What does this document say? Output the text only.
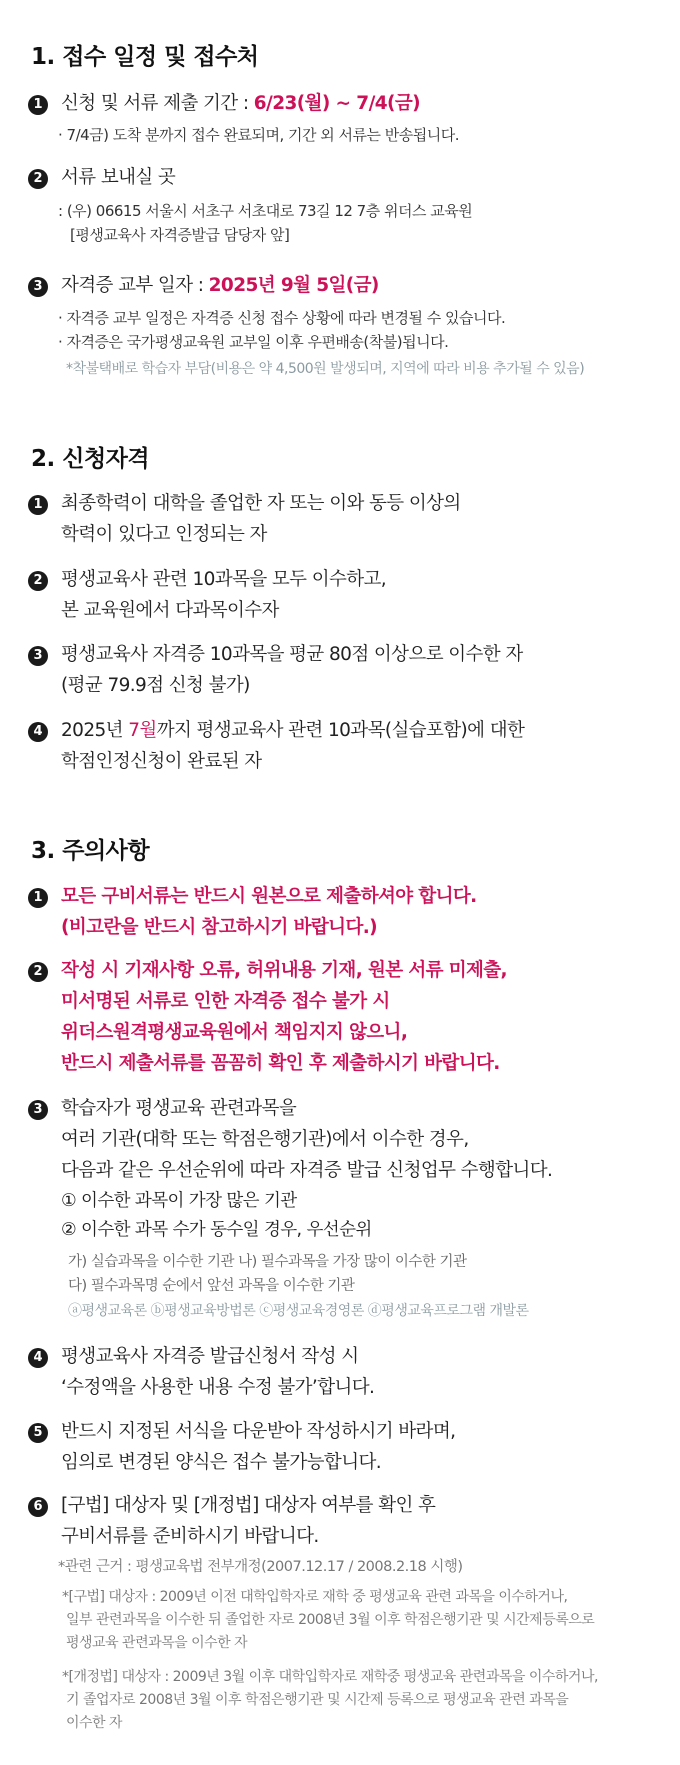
1. 접수 일정 및 접수처
1 신청 및 서류 제출 기간 : 6/23(월) ~ 7/4(금)
· 7/4금) 도착 분까지 접수 완료되며, 기간 외 서류는 반송됩니다.
2 서류 보내실 곳
: (우) 06615 서울시 서초구 서초대로 73길 12 7층 위더스 교육원
[평생교육사 자격증발급 담당자 앞]
3 자격증 교부 일자 : 2025년 9월 5일(금)
· 자격증 교부 일정은 자격증 신청 접수 상황에 따라 변경될 수 있습니다.
· 자격증은 국가평생교육원 교부일 이후 우편배송(착불)됩니다.
*착불택배로 학습자 부담(비용은 약 4,500원 발생되며, 지역에 따라 비용 추가될 수 있음)
2. 신청자격
1 최종학력이 대학을 졸업한 자 또는 이와 동등 이상의
학력이 있다고 인정되는 자
2 평생교육사 관련 10과목을 모두 이수하고,
본 교육원에서 다과목이수자
3 평생교육사 자격증 10과목을 평균 80점 이상으로 이수한 자
(평균 79.9점 신청 불가)
4 2025년 7월까지 평생교육사 관련 10과목(실습포함)에 대한
학점인정신청이 완료된 자
3. 주의사항
1 모든 구비서류는 반드시 원본으로 제출하셔야 합니다.
(비고란을 반드시 참고하시기 바랍니다.)
2 작성 시 기재사항 오류, 허위내용 기재, 원본 서류 미제출,
미서명된 서류로 인한 자격증 접수 불가 시
위더스원격평생교육원에서 책임지지 않으니,
반드시 제출서류를 꼼꼼히 확인 후 제출하시기 바랍니다.
3 학습자가 평생교육 관련과목을
여러 기관(대학 또는 학점은행기관)에서 이수한 경우,
다음과 같은 우선순위에 따라 자격증 발급 신청업무 수행합니다.
① 이수한 과목이 가장 많은 기관
② 이수한 과목 수가 동수일 경우, 우선순위
가) 실습과목을 이수한 기관 나) 필수과목을 가장 많이 이수한 기관
다) 필수과목명 순에서 앞선 과목을 이수한 기관
ⓐ평생교육론 ⓑ평생교육방법론 ⓒ평생교육경영론 ⓓ평생교육프로그램 개발론
4 평생교육사 자격증 발급신청서 작성 시
‘수정액을 사용한 내용 수정 불가’합니다.
5 반드시 지정된 서식을 다운받아 작성하시기 바라며,
임의로 변경된 양식은 접수 불가능합니다.
6 [구법] 대상자 및 [개정법] 대상자 여부를 확인 후
구비서류를 준비하시기 바랍니다.
*관련 근거 : 평생교육법 전부개정(2007.12.17 / 2008.2.18 시행)
*[구법] 대상자 : 2009년 이전 대학입학자로 재학 중 평생교육 관련 과목을 이수하거나,
일부 관련과목을 이수한 뒤 졸업한 자로 2008년 3월 이후 학점은행기관 및 시간제등록으로
평생교육 관련과목을 이수한 자
*[개정법] 대상자 : 2009년 3월 이후 대학입학자로 재학중 평생교육 관련과목을 이수하거나,
기 졸업자로 2008년 3월 이후 학점은행기관 및 시간제 등록으로 평생교육 관련 과목을
이수한 자
